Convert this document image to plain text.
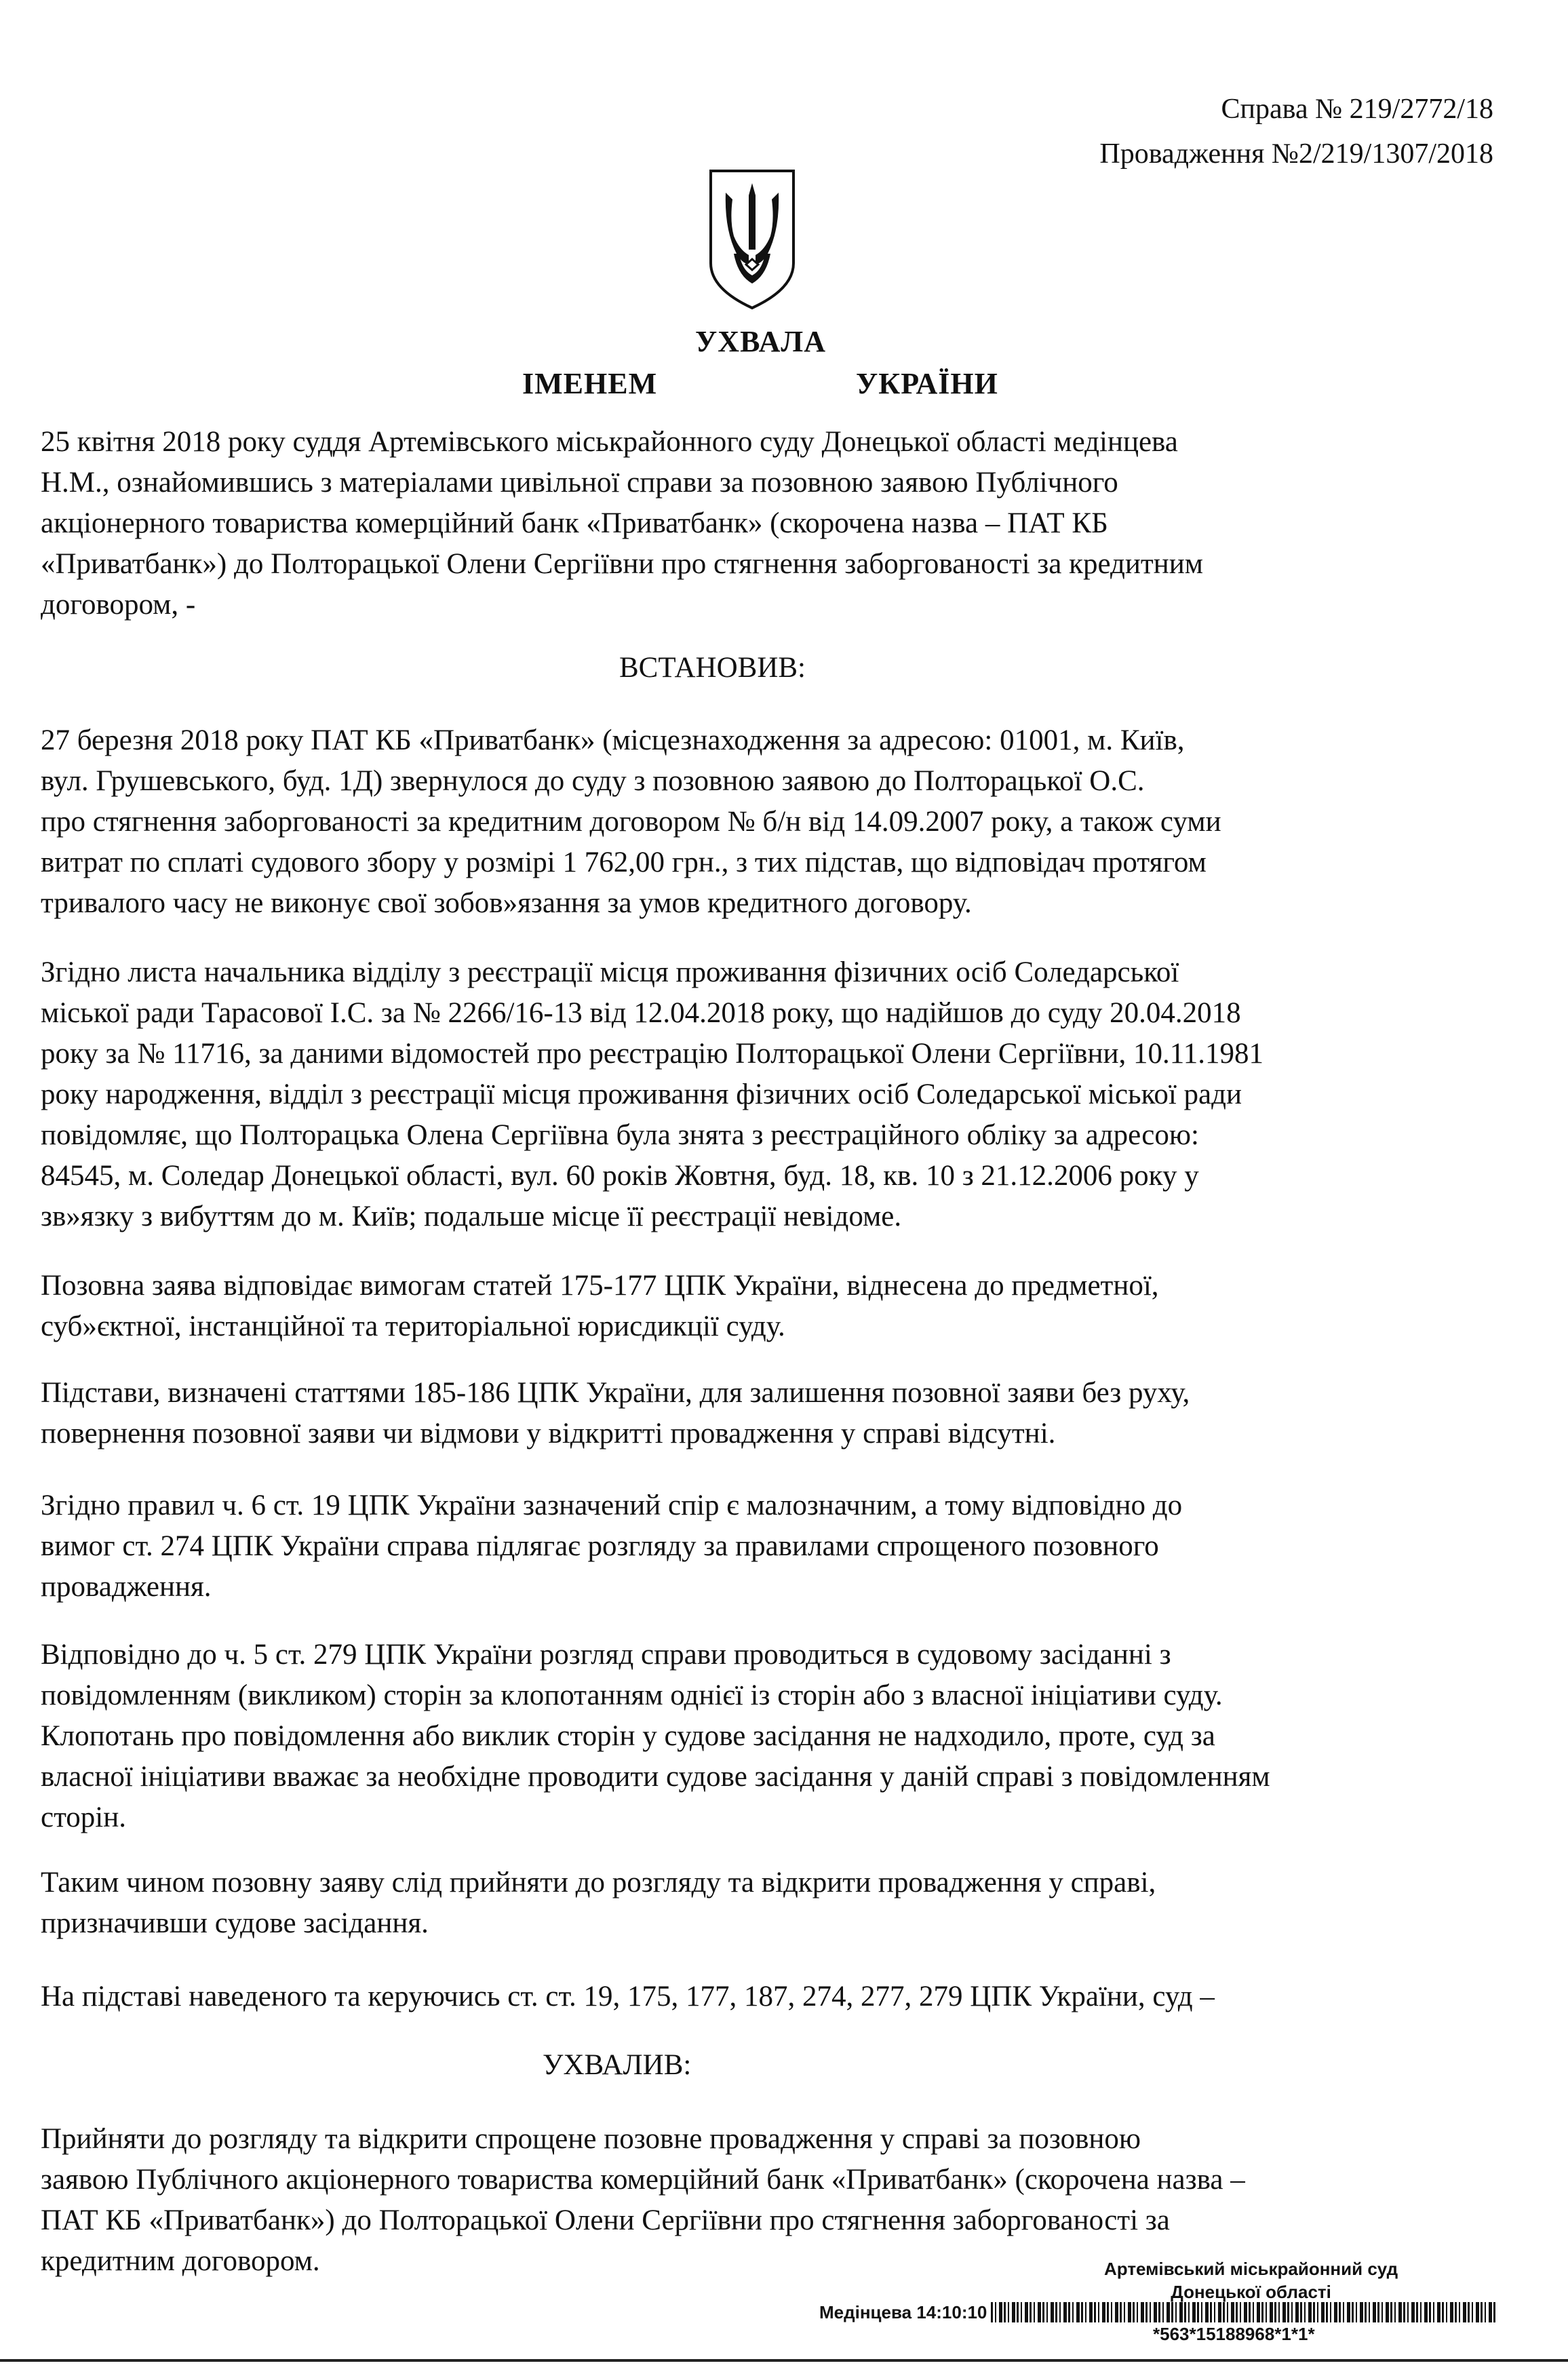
Справа № 219/2772/18
Провадження №2/219/1307/2018
УХВАЛА
ІМЕНЕМ	УКРАЇНИ
25 квітня 2018 року суддя Артемівського міськрайонного суду Донецької області медінцева
Н.М., ознайомившись з матеріалами цивільної справи за позовною заявою Публічного
акціонерного товариства комерційний банк «Приватбанк» (скорочена назва – ПАТ КБ
«Приватбанк») до Полторацької Олени Сергіївни про стягнення заборгованості за кредитним
договором, -
ВСТАНОВИВ:
27 березня 2018 року ПАТ КБ «Приватбанк» (місцезнаходження за адресою: 01001, м. Київ,
вул. Грушевського, буд. 1Д) звернулося до суду з позовною заявою до Полторацької О.С.
про стягнення заборгованості за кредитним договором № б/н від 14.09.2007 року, а також суми
витрат по сплаті судового збору у розмірі 1 762,00 грн., з тих підстав, що відповідач протягом
тривалого часу не виконує свої зобов»язання за умов кредитного договору.
Згідно листа начальника відділу з реєстрації місця проживання фізичних осіб Соледарської
міської ради Тарасової І.С. за № 2266/16-13 від 12.04.2018 року, що надійшов до суду 20.04.2018
року за № 11716, за даними відомостей про реєстрацію Полторацької Олени Сергіївни, 10.11.1981
року народження, відділ з реєстрації місця проживання фізичних осіб Соледарської міської ради
повідомляє, що Полторацька Олена Сергіївна була знята з реєстраційного обліку за адресою:
84545, м. Соледар Донецької області, вул. 60 років Жовтня, буд. 18, кв. 10 з 21.12.2006 року у
зв»язку з вибуттям до м. Київ; подальше місце її реєстрації невідоме.
Позовна заява відповідає вимогам статей 175-177 ЦПК України, віднесена до предметної,
суб»єктної, інстанційної та територіальної юрисдикції суду.
Підстави, визначені статтями 185-186 ЦПК України, для залишення позовної заяви без руху,
повернення позовної заяви чи відмови у відкритті провадження у справі відсутні.
Згідно правил ч. 6 ст. 19 ЦПК України зазначений спір є малозначним, а тому відповідно до
вимог ст. 274 ЦПК України справа підлягає розгляду за правилами спрощеного позовного
провадження.
Відповідно до ч. 5 ст. 279 ЦПК України розгляд справи проводиться в судовому засіданні з
повідомленням (викликом) сторін за клопотанням однієї із сторін або з власної ініціативи суду.
Клопотань про повідомлення або виклик сторін у судове засідання не надходило, проте, суд за
власної ініціативи вважає за необхідне проводити судове засідання у даній справі з повідомленням
сторін.
Таким чином позовну заяву слід прийняти до розгляду та відкрити провадження у справі,
призначивши судове засідання.
На підставі наведеного та керуючись ст. ст. 19, 175, 177, 187, 274, 277, 279 ЦПК України, суд –
УХВАЛИВ:
Прийняти до розгляду та відкрити спрощене позовне провадження у справі за позовною
заявою Публічного акціонерного товариства комерційний банк «Приватбанк» (скорочена назва –
ПАТ КБ «Приватбанк») до Полторацької Олени Сергіївни про стягнення заборгованості за
кредитним договором.	Артемівський міськрайонний суд
Донецької області
Медінцева 14:10:10
*563*15188968*1*1*
